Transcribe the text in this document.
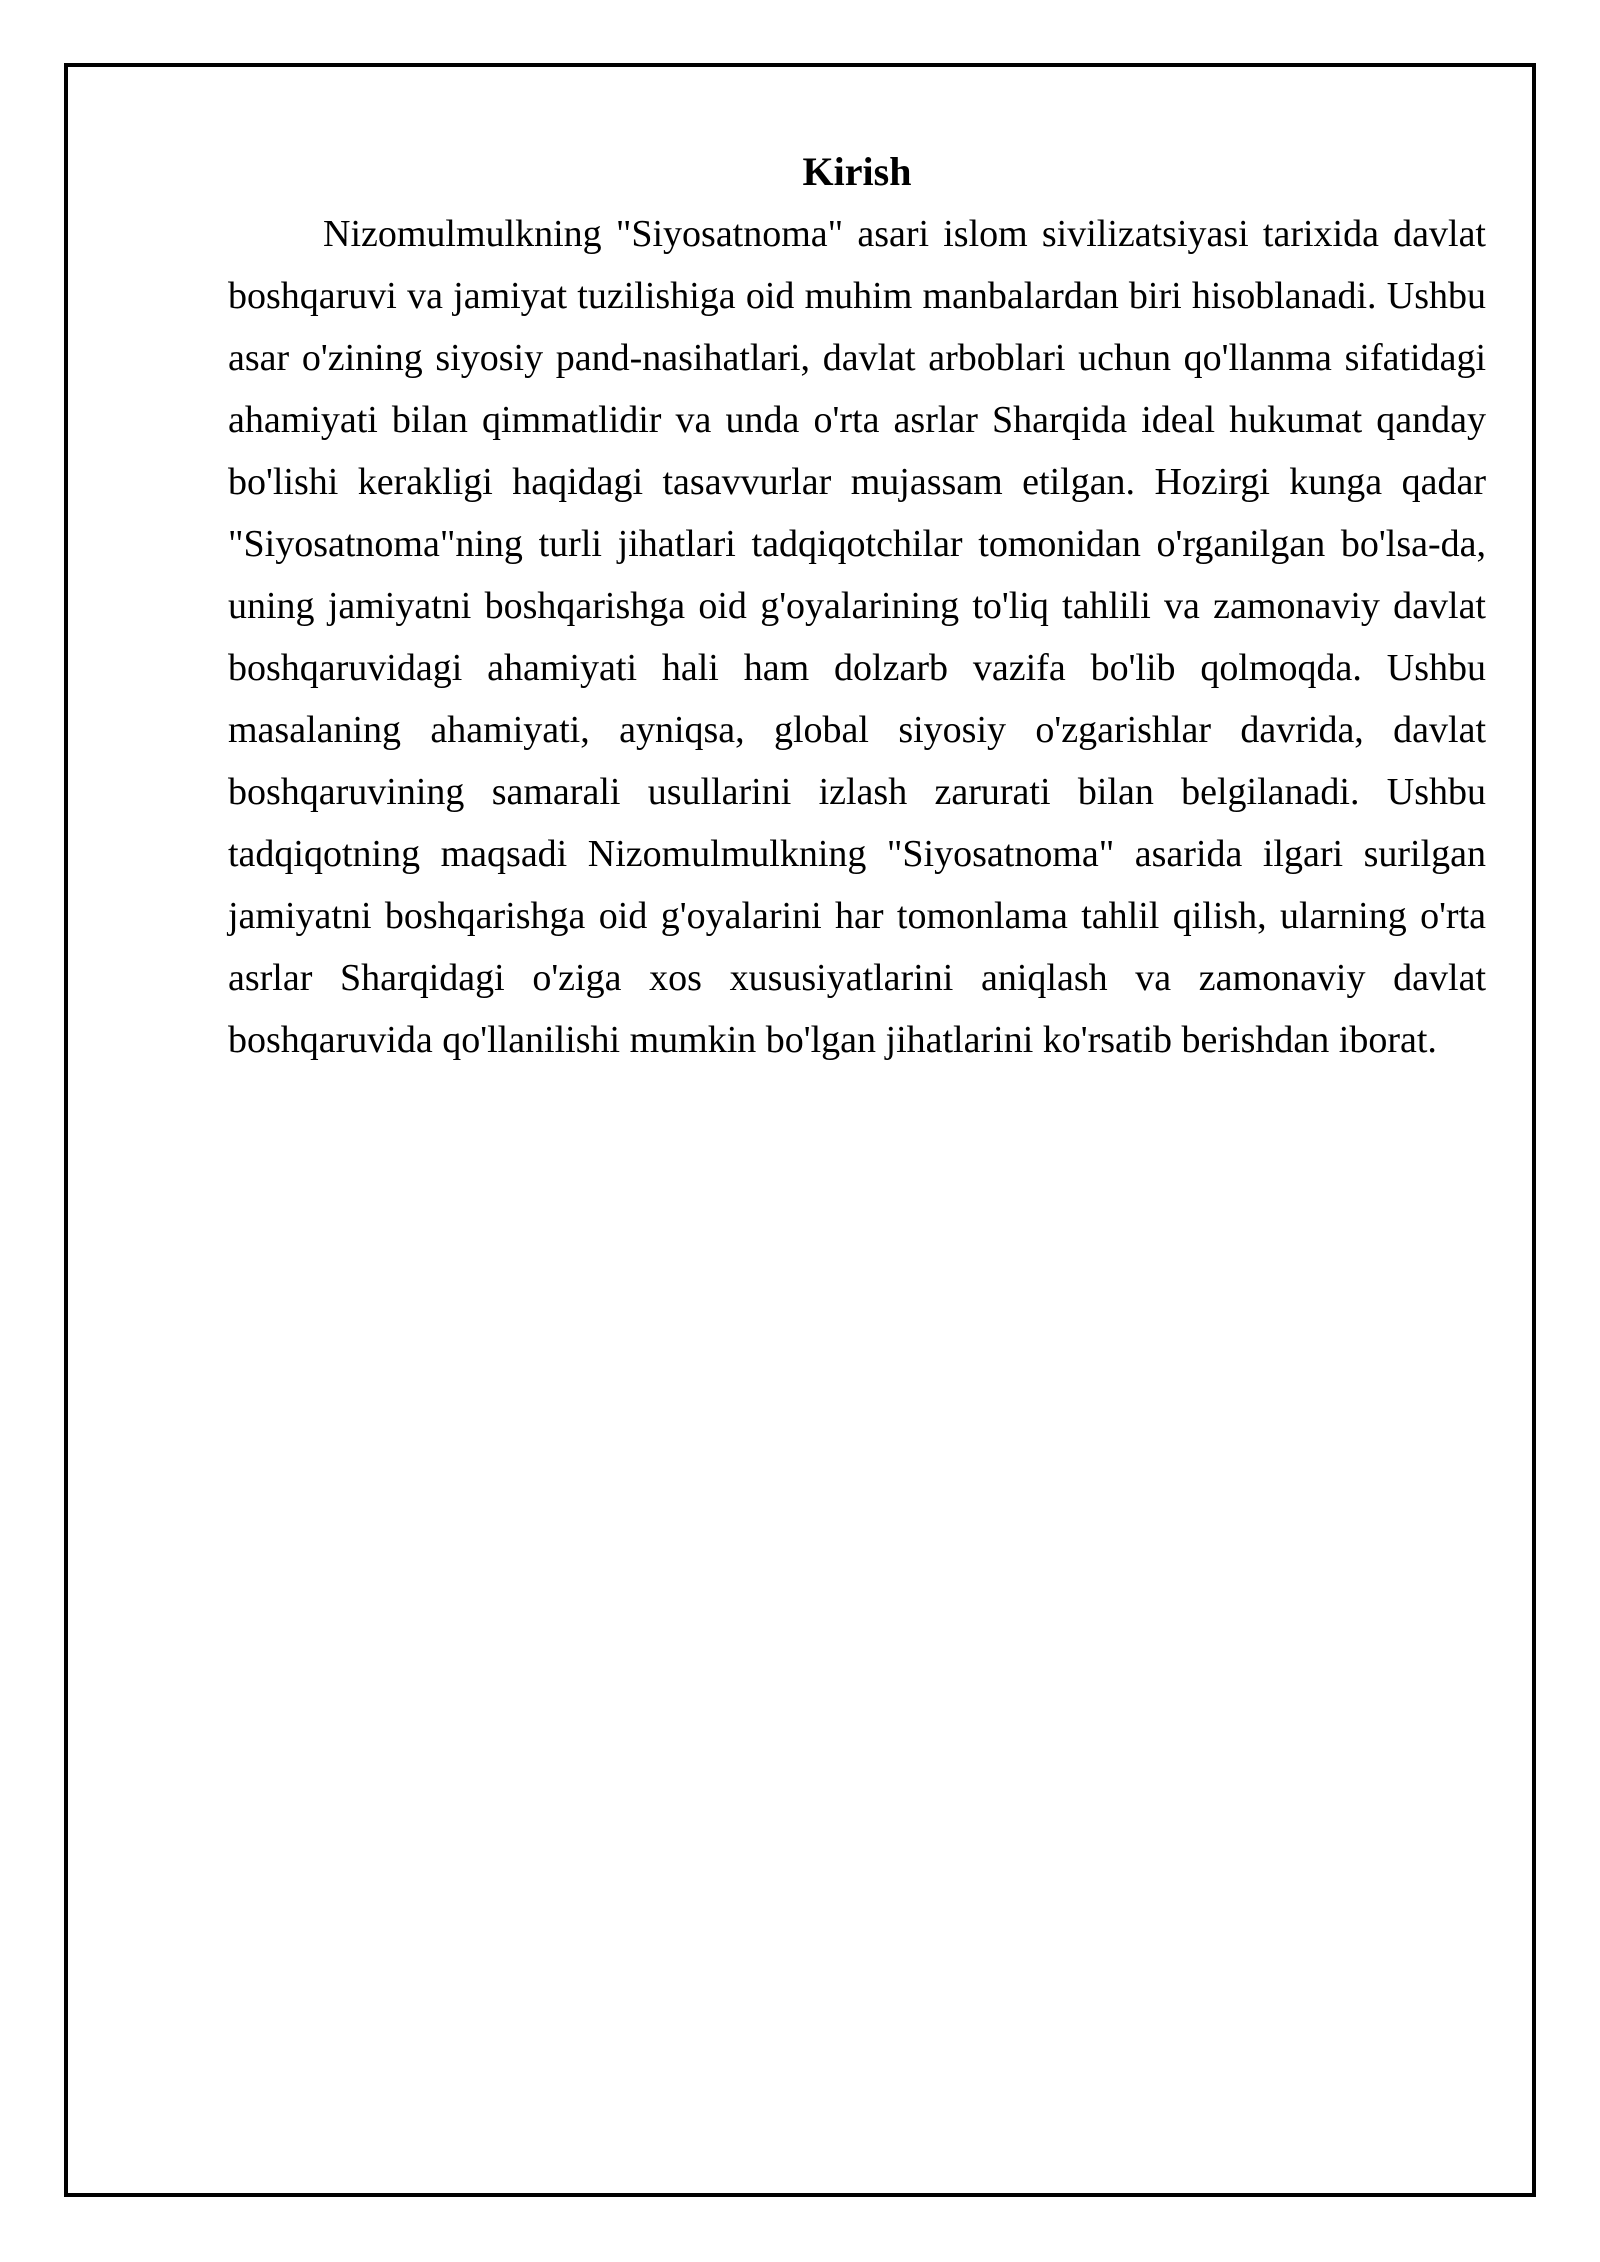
Kirish
Nizomulmulkning "Siyosatnoma" asari islom sivilizatsiyasi tarixida davlat
boshqaruvi va jamiyat tuzilishiga oid muhim manbalardan biri hisoblanadi. Ushbu
asar o'zining siyosiy pand-nasihatlari, davlat arboblari uchun qo'llanma sifatidagi
ahamiyati bilan qimmatlidir va unda o'rta asrlar Sharqida ideal hukumat qanday
bo'lishi kerakligi haqidagi tasavvurlar mujassam etilgan. Hozirgi kunga qadar
"Siyosatnoma"ning turli jihatlari tadqiqotchilar tomonidan o'rganilgan bo'lsa-da,
uning jamiyatni boshqarishga oid g'oyalarining to'liq tahlili va zamonaviy davlat
boshqaruvidagi ahamiyati hali ham dolzarb vazifa bo'lib qolmoqda. Ushbu
masalaning ahamiyati, ayniqsa, global siyosiy o'zgarishlar davrida, davlat
boshqaruvining samarali usullarini izlash zarurati bilan belgilanadi. Ushbu
tadqiqotning maqsadi Nizomulmulkning "Siyosatnoma" asarida ilgari surilgan
jamiyatni boshqarishga oid g'oyalarini har tomonlama tahlil qilish, ularning o'rta
asrlar Sharqidagi o'ziga xos xususiyatlarini aniqlash va zamonaviy davlat
boshqaruvida qo'llanilishi mumkin bo'lgan jihatlarini ko'rsatib berishdan iborat.
